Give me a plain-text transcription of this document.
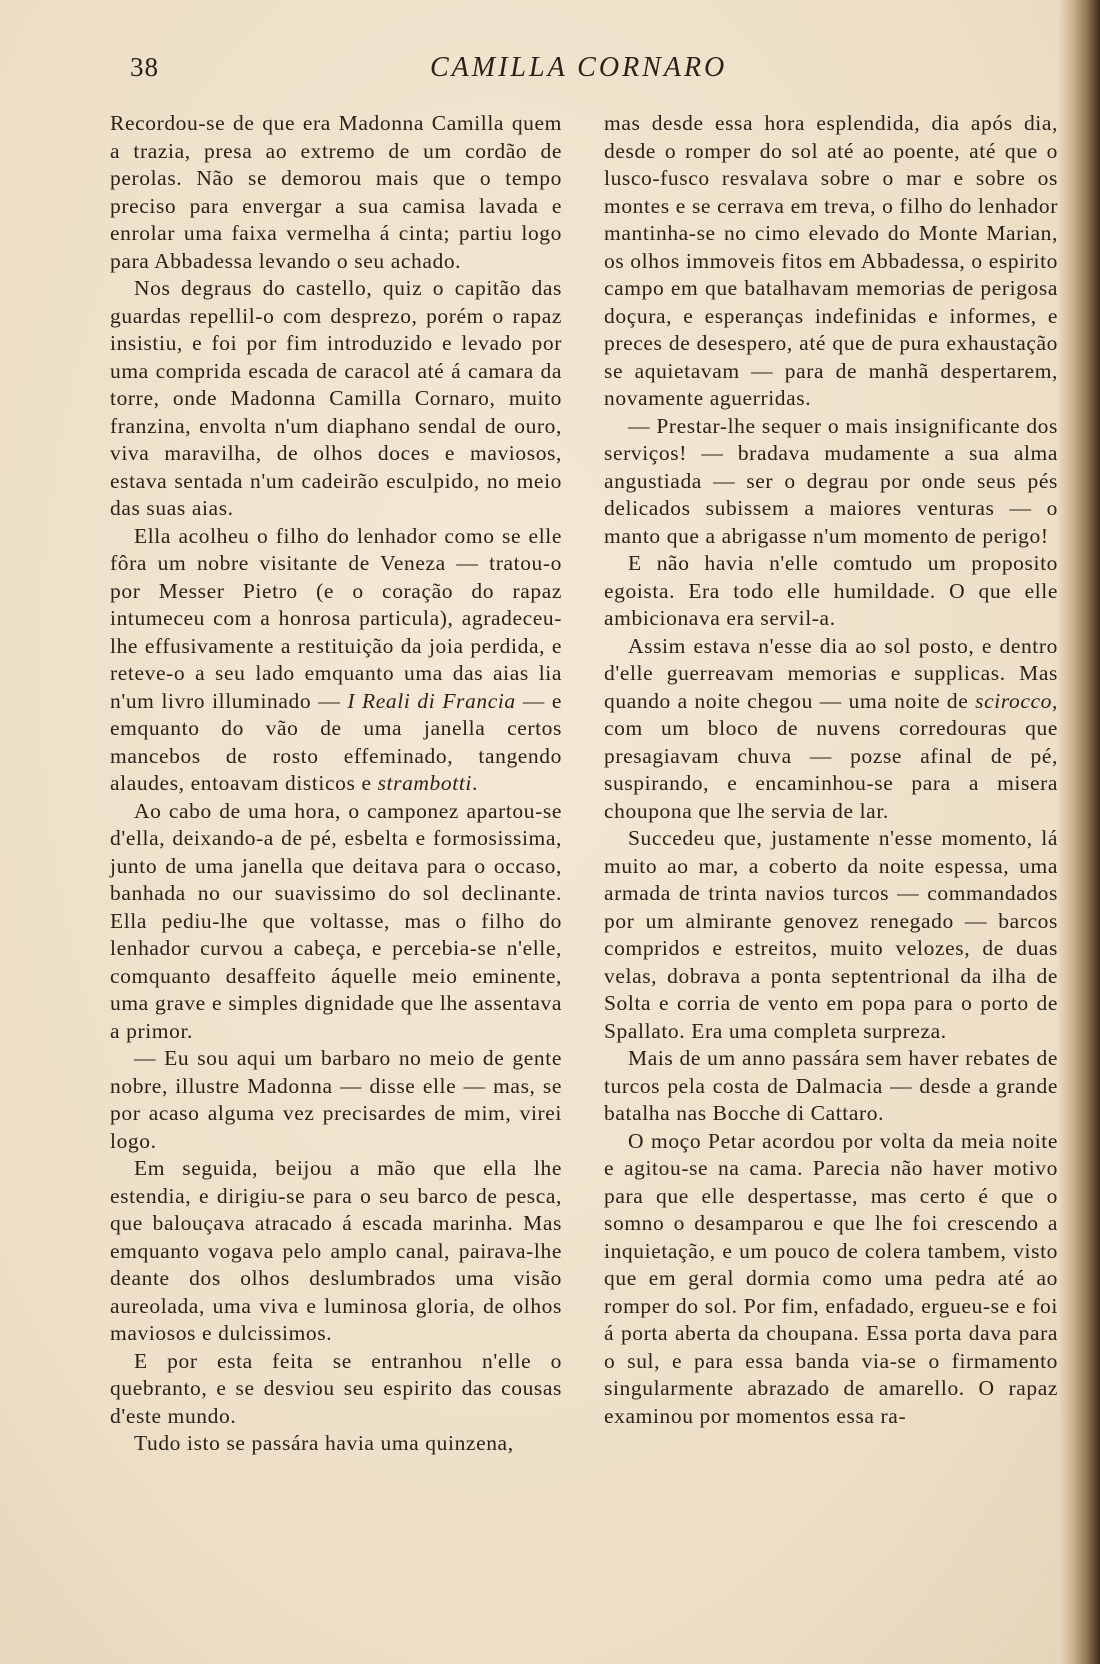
38	CAMILLA CORNARO

Recordou-se de que era Madonna Camilla quem a trazia, presa ao extremo de um cordão de perolas. Não se demorou mais que o tempo preciso para envergar a sua camisa lavada e enrolar uma faixa vermelha á cinta; partiu logo para Abbadessa levando o seu achado.

Nos degraus do castello, quiz o capitão das guardas repellil-o com desprezo, porém o rapaz insistiu, e foi por fim introduzido e levado por uma comprida escada de caracol até á camara da torre, onde Madonna Camilla Cornaro, muito franzina, envolta n'um diaphano sendal de ouro, viva maravilha, de olhos doces e maviosos, estava sentada n'um cadeirão esculpido, no meio das suas aias.

Ella acolheu o filho do lenhador como se elle fôra um nobre visitante de Veneza — tratou-o por Messer Pietro (e o coração do rapaz intumeceu com a honrosa particula), agradeceu-lhe effusivamente a restituição da joia perdida, e reteve-o a seu lado emquanto uma das aias lia n'um livro illuminado — I Reali di Francia — e emquanto do vão de uma janella certos mancebos de rosto effeminado, tangendo alaudes, entoavam disticos e strambotti.

Ao cabo de uma hora, o camponez apartou-se d'ella, deixando-a de pé, esbelta e formosissima, junto de uma janella que deitava para o occaso, banhada no our suavissimo do sol declinante. Ella pediu-lhe que voltasse, mas o filho do lenhador curvou a cabeça, e percebia-se n'elle, comquanto desaffeito áquelle meio eminente, uma grave e simples dignidade que lhe assentava a primor.

— Eu sou aqui um barbaro no meio de gente nobre, illustre Madonna — disse elle — mas, se por acaso alguma vez precisardes de mim, virei logo.

Em seguida, beijou a mão que ella lhe estendia, e dirigiu-se para o seu barco de pesca, que balouçava atracado á escada marinha. Mas emquanto vogava pelo amplo canal, pairava-lhe deante dos olhos deslumbrados uma visão aureolada, uma viva e luminosa gloria, de olhos maviosos e dulcissimos.

E por esta feita se entranhou n'elle o quebranto, e se desviou seu espirito das cousas d'este mundo.

Tudo isto se passára havia uma quinzena,

mas desde essa hora esplendida, dia após dia, desde o romper do sol até ao poente, até que o lusco-fusco resvalava sobre o mar e sobre os montes e se cerrava em treva, o filho do lenhador mantinha-se no cimo elevado do Monte Marian, os olhos immoveis fitos em Abbadessa, o espirito campo em que batalhavam memorias de perigosa doçura, e esperanças indefinidas e informes, e preces de desespero, até que de pura exhaustação se aquietavam — para de manhã despertarem, novamente aguerridas.

— Prestar-lhe sequer o mais insignificante dos serviços! — bradava mudamente a sua alma angustiada — ser o degrau por onde seus pés delicados subissem a maiores venturas — o manto que a abrigasse n'um momento de perigo!

E não havia n'elle comtudo um proposito egoista. Era todo elle humildade. O que elle ambicionava era servil-a.

Assim estava n'esse dia ao sol posto, e dentro d'elle guerreavam memorias e supplicas. Mas quando a noite chegou — uma noite de scirocco, com um bloco de nuvens corredouras que presagiavam chuva — pozse afinal de pé, suspirando, e encaminhou-se para a misera choupona que lhe servia de lar.

Succedeu que, justamente n'esse momento, lá muito ao mar, a coberto da noite espessa, uma armada de trinta navios turcos — commandados por um almirante genovez renegado — barcos compridos e estreitos, muito velozes, de duas velas, dobrava a ponta septentrional da ilha de Solta e corria de vento em popa para o porto de Spallato. Era uma completa surpreza.

Mais de um anno passára sem haver rebates de turcos pela costa de Dalmacia — desde a grande batalha nas Bocche di Cattaro.

O moço Petar acordou por volta da meia noite e agitou-se na cama. Parecia não haver motivo para que elle despertasse, mas certo é que o somno o desamparou e que lhe foi crescendo a inquietação, e um pouco de colera tambem, visto que em geral dormia como uma pedra até ao romper do sol. Por fim, enfadado, ergueu-se e foi á porta aberta da choupana. Essa porta dava para o sul, e para essa banda via-se o firmamento singularmente abrazado de amarello. O rapaz examinou por momentos essa ra-
